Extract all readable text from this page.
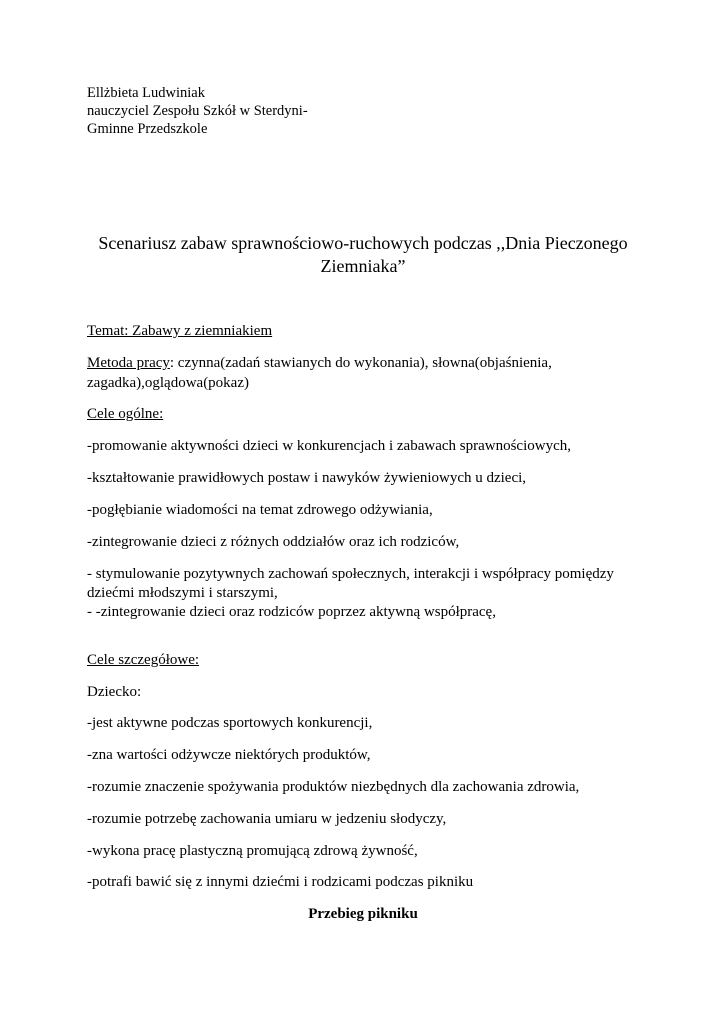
Ellżbieta Ludwiniak
nauczyciel Zespołu Szkół w Sterdyni-
Gminne Przedszkole
Scenariusz zabaw sprawnościowo-ruchowych podczas ,,Dnia Pieczonego
Ziemniaka”

Temat: Zabawy z ziemniakiem

Metoda pracy: czynna(zadań stawianych do wykonania), słowna(objaśnienia,

zagadka),oglądowa(pokaz)

Cele ogólne:

-promowanie aktywności dzieci w konkurencjach i zabawach sprawnościowych,

-kształtowanie prawidłowych postaw i nawyków żywieniowych u dzieci,

-pogłębianie wiadomości na temat zdrowego odżywiania,

-zintegrowanie dzieci z różnych oddziałów oraz ich rodziców,

- stymulowanie pozytywnych zachowań społecznych, interakcji i współpracy pomiędzy

dziećmi młodszymi i starszymi,

- -zintegrowanie dzieci oraz rodziców poprzez aktywną współpracę,

Cele szczegółowe:

Dziecko:

-jest aktywne podczas sportowych konkurencji,

-zna wartości odżywcze niektórych produktów,

-rozumie znaczenie spożywania produktów niezbędnych dla zachowania zdrowia,

-rozumie potrzebę zachowania umiaru w jedzeniu słodyczy,

-wykona pracę plastyczną promującą zdrową żywność,

-potrafi bawić się z innymi dziećmi i rodzicami podczas pikniku

Przebieg pikniku
